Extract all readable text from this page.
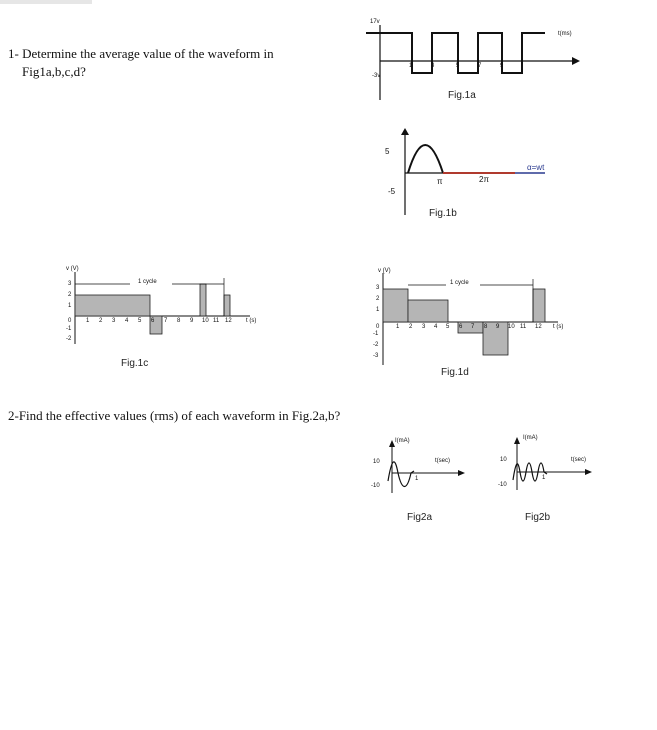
1- Determine the average value of the waveform in
Fig1a,b,c,d?
17v
-3v
t(ms)
1	3	5	7	9
Fig.1a
5
-5
π	2π
α=wt
Fig.1b
v (V)
1 cycle
t (s)
3
2
1
0
-1
-2
1 2 3 4 5 6 7 8 9 10 11 12
Fig.1c
v (V)
1 cycle
t (s)
3
2
1
0
-1
-2
-3
1 2 3 4 5 6 7 8 9 10 11 12
Fig.1d
2-Find the effective values (rms) of each waveform in Fig.2a,b?
I(mA)
t(sec)
10
-10
1
Fig2a
I(mA)
t(sec)
10
-10
1
Fig2b
